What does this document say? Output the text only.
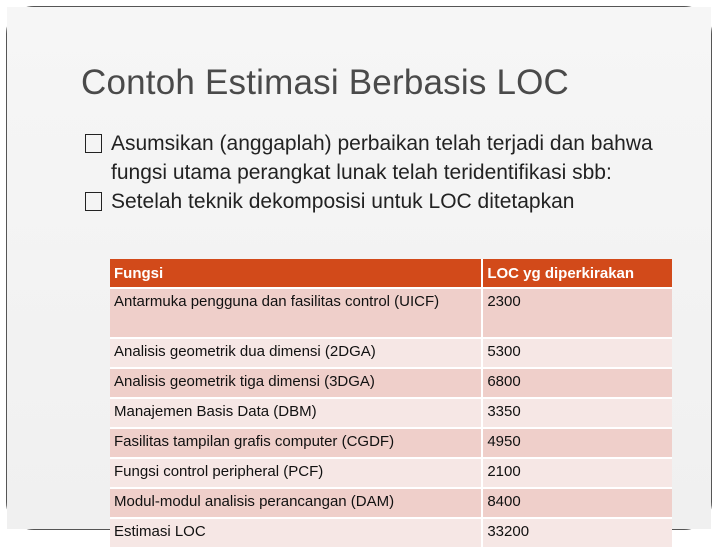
Contoh Estimasi Berbasis LOC
Asumsikan (anggaplah) perbaikan telah terjadi dan bahwa fungsi utama perangkat lunak telah teridentifikasi sbb:
Setelah teknik dekomposisi untuk LOC ditetapkan
Fungsi	LOC yg diperkirakan
Antarmuka pengguna dan fasilitas control (UICF)	2300
Analisis geometrik dua dimensi (2DGA)	5300
Analisis geometrik tiga dimensi (3DGA)	6800
Manajemen Basis Data (DBM)	3350
Fasilitas tampilan grafis computer (CGDF)	4950
Fungsi control peripheral (PCF)	2100
Modul-modul analisis perancangan (DAM)	8400
Estimasi LOC	33200
